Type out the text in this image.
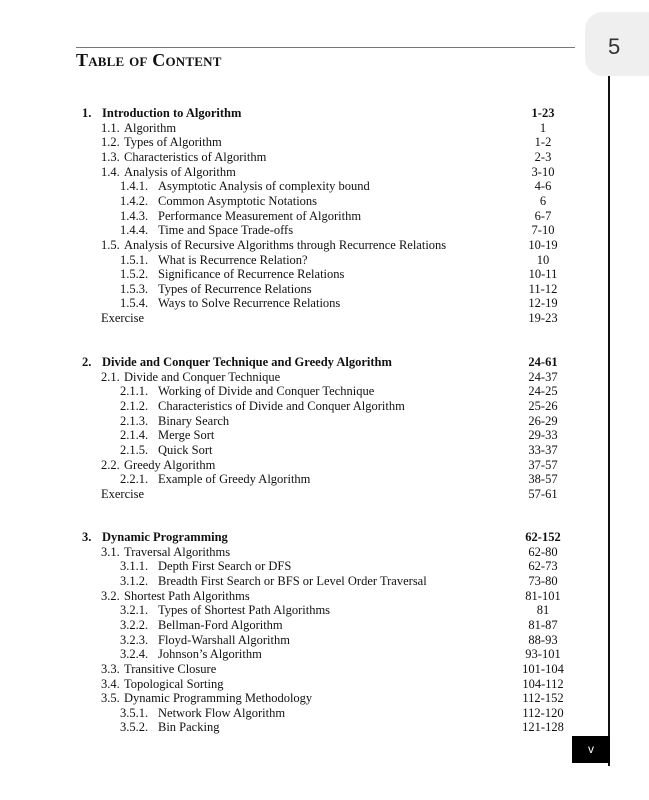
5
Table of Content
1. Introduction to Algorithm	1-23
1.1. Algorithm	1
1.2. Types of Algorithm	1-2
1.3. Characteristics of Algorithm	2-3
1.4. Analysis of Algorithm	3-10
1.4.1. Asymptotic Analysis of complexity bound	4-6
1.4.2. Common Asymptotic Notations	6
1.4.3. Performance Measurement of Algorithm	6-7
1.4.4. Time and Space Trade-offs	7-10
1.5. Analysis of Recursive Algorithms through Recurrence Relations	10-19
1.5.1. What is Recurrence Relation?	10
1.5.2. Significance of Recurrence Relations	10-11
1.5.3. Types of Recurrence Relations	11-12
1.5.4. Ways to Solve Recurrence Relations	12-19
Exercise	19-23
2. Divide and Conquer Technique and Greedy Algorithm	24-61
2.1. Divide and Conquer Technique	24-37
2.1.1. Working of Divide and Conquer Technique	24-25
2.1.2. Characteristics of Divide and Conquer Algorithm	25-26
2.1.3. Binary Search	26-29
2.1.4. Merge Sort	29-33
2.1.5. Quick Sort	33-37
2.2. Greedy Algorithm	37-57
2.2.1. Example of Greedy Algorithm	38-57
Exercise	57-61
3. Dynamic Programming	62-152
3.1. Traversal Algorithms	62-80
3.1.1. Depth First Search or DFS	62-73
3.1.2. Breadth First Search or BFS or Level Order Traversal	73-80
3.2. Shortest Path Algorithms	81-101
3.2.1. Types of Shortest Path Algorithms	81
3.2.2. Bellman-Ford Algorithm	81-87
3.2.3. Floyd-Warshall Algorithm	88-93
3.2.4. Johnson’s Algorithm	93-101
3.3. Transitive Closure	101-104
3.4. Topological Sorting	104-112
3.5. Dynamic Programming Methodology	112-152
3.5.1. Network Flow Algorithm	112-120
3.5.2. Bin Packing	121-128
v
